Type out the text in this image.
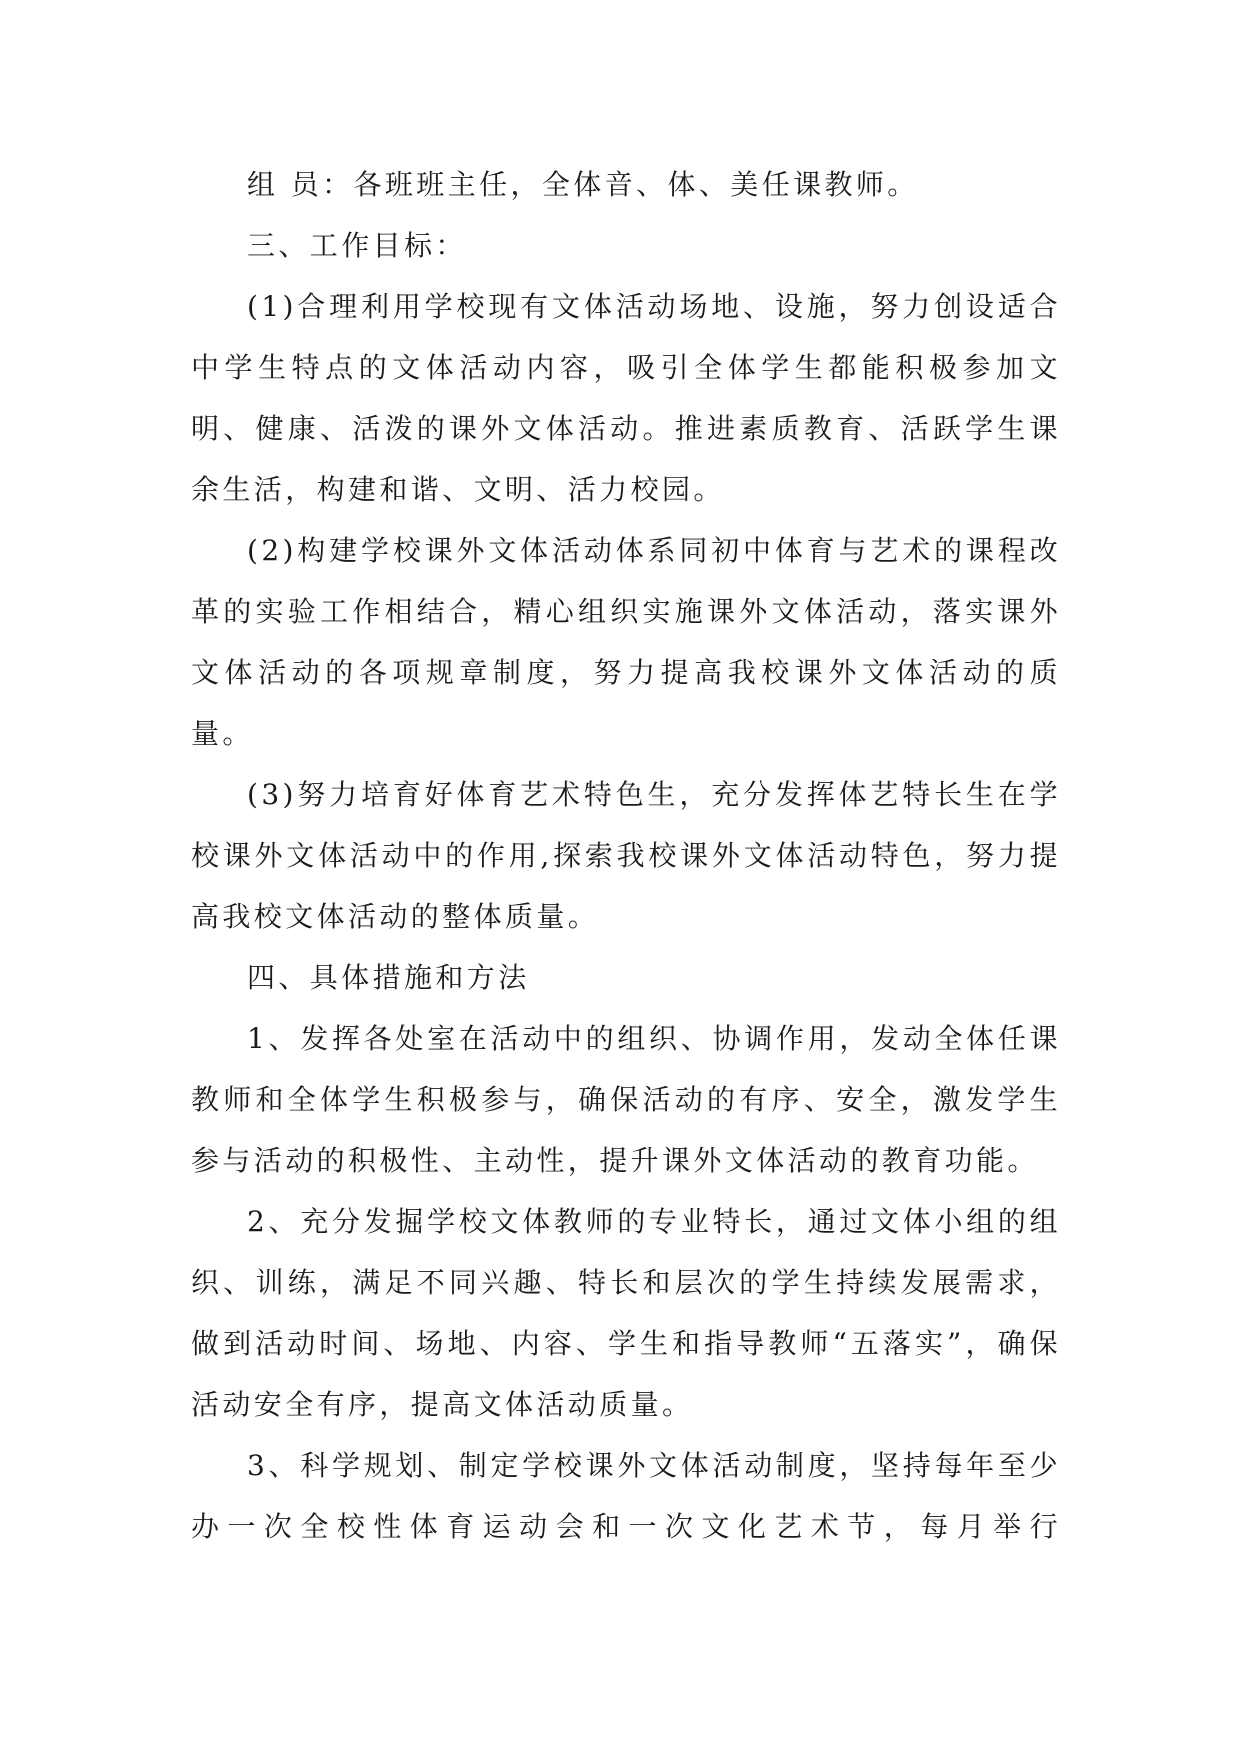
组 员：各班班主任，全体音、体、美任课教师。

三、工作目标：

(1)合理利用学校现有文体活动场地、设施，努力创设适合中学生特点的文体活动内容，吸引全体学生都能积极参加文明、健康、活泼的课外文体活动。推进素质教育、活跃学生课余生活，构建和谐、文明、活力校园。

(2)构建学校课外文体活动体系同初中体育与艺术的课程改革的实验工作相结合，精心组织实施课外文体活动，落实课外文体活动的各项规章制度，努力提高我校课外文体活动的质量。

(3)努力培育好体育艺术特色生，充分发挥体艺特长生在学校课外文体活动中的作用,探索我校课外文体活动特色，努力提高我校文体活动的整体质量。

四、具体措施和方法

1、发挥各处室在活动中的组织、协调作用，发动全体任课教师和全体学生积极参与，确保活动的有序、安全，激发学生参与活动的积极性、主动性，提升课外文体活动的教育功能。

2、充分发掘学校文体教师的专业特长，通过文体小组的组织、训练，满足不同兴趣、特长和层次的学生持续发展需求，做到活动时间、场地、内容、学生和指导教师“五落实”，确保活动安全有序，提高文体活动质量。

3、科学规划、制定学校课外文体活动制度，坚持每年至少办一次全校性体育运动会和一次文化艺术节，每月举行
